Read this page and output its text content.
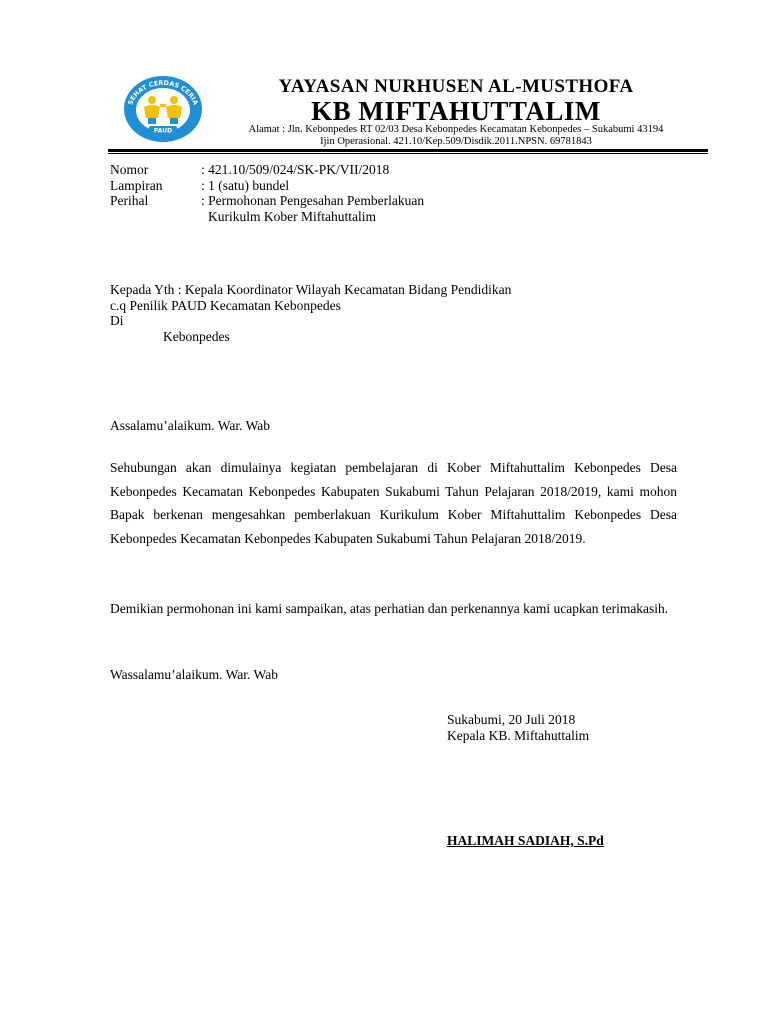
SEHAT CERDAS CERIA
PAUD
YAYASAN NURHUSEN AL-MUSTHOFA
KB MIFTAHUTTALIM
Alamat : Jln. Kebonpedes RT 02/03 Desa Kebonpedes Kecamatan Kebonpedes – Sukabumi 43194
Ijin Operasional. 421.10/Kep.509/Disdik.2011.NPSN. 69781843
Nomor	: 421.10/509/024/SK-PK/VII/2018
Lampiran	: 1 (satu) bundel
Perihal	: Permohonan Pengesahan Pemberlakuan
Kurikulm Kober Miftahuttalim
Kepada Yth : Kepala Koordinator Wilayah Kecamatan Bidang Pendidikan
c.q Penilik PAUD Kecamatan Kebonpedes
Di
Kebonpedes
Assalamu’alaikum. War. Wab
Sehubungan akan dimulainya kegiatan pembelajaran di Kober Miftahuttalim Kebonpedes Desa Kebonpedes Kecamatan Kebonpedes Kabupaten Sukabumi Tahun Pelajaran 2018/2019, kami mohon Bapak berkenan mengesahkan pemberlakuan Kurikulum Kober Miftahuttalim Kebonpedes Desa Kebonpedes Kecamatan Kebonpedes Kabupaten Sukabumi Tahun Pelajaran 2018/2019.
Demikian permohonan ini kami sampaikan, atas perhatian dan perkenannya kami ucapkan terimakasih.
Wassalamu’alaikum. War. Wab
Sukabumi, 20 Juli 2018
Kepala KB. Miftahuttalim
HALIMAH SADIAH, S.Pd
